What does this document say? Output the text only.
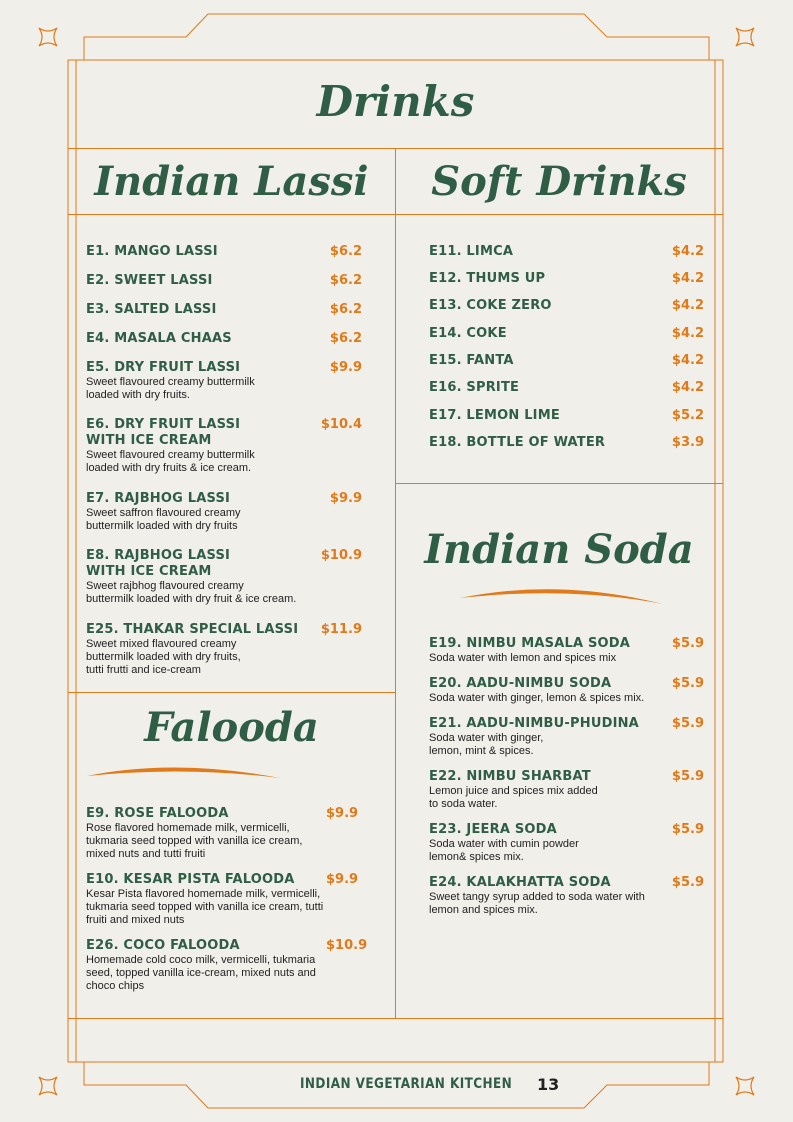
Drinks
Indian Lassi	Soft Drinks
Falooda
Indian Soda
E1. MANGO LASSI	$6.2
E2. SWEET LASSI	$6.2
E3. SALTED LASSI	$6.2
E4. MASALA CHAAS	$6.2
E5. DRY FRUIT LASSI
Sweet flavoured creamy buttermilk
loaded with dry fruits.
$9.9
E6. DRY FRUIT LASSI
WITH ICE CREAM
Sweet flavoured creamy buttermilk
loaded with dry fruits & ice cream.
$10.4
E7. RAJBHOG LASSI
Sweet saffron flavoured creamy
buttermilk loaded with dry fruits
$9.9
E8. RAJBHOG LASSI
WITH ICE CREAM
Sweet rajbhog flavoured creamy
buttermilk loaded with dry fruit & ice cream.
$10.9
E25. THAKAR SPECIAL LASSI
Sweet mixed flavoured creamy
buttermilk loaded with dry fruits,
tutti frutti and ice-cream
$11.9
E11. LIMCA	$4.2
E12. THUMS UP	$4.2
E13. COKE ZERO	$4.2
E14. COKE	$4.2
E15. FANTA	$4.2
E16. SPRITE	$4.2
E17. LEMON LIME	$5.2
E18. BOTTLE OF WATER	$3.9
E9. ROSE FALOODA
Rose flavored homemade milk, vermicelli,
tukmaria seed topped with vanilla ice cream,
mixed nuts and tutti fruiti
$9.9
E10. KESAR PISTA FALOODA
Kesar Pista flavored homemade milk, vermicelli,
tukmaria seed topped with vanilla ice cream, tutti
fruiti and mixed nuts
$9.9
E26. COCO FALOODA
Homemade cold coco milk, vermicelli, tukmaria
seed, topped vanilla ice-cream, mixed nuts and
choco chips
$10.9
E19. NIMBU MASALA SODA
Soda water with lemon and spices mix
$5.9
E20. AADU-NIMBU SODA
Soda water with ginger, lemon & spices mix.
$5.9
E21. AADU-NIMBU-PHUDINA
Soda water with ginger,
lemon, mint & spices.
$5.9
E22. NIMBU SHARBAT
Lemon juice and spices mix added
to soda water.
$5.9
E23. JEERA SODA
Soda water with cumin powder
lemon& spices mix.
$5.9
E24. KALAKHATTA SODA
Sweet tangy syrup added to soda water with
lemon and spices mix.
$5.9
INDIAN VEGETARIAN KITCHEN 13
